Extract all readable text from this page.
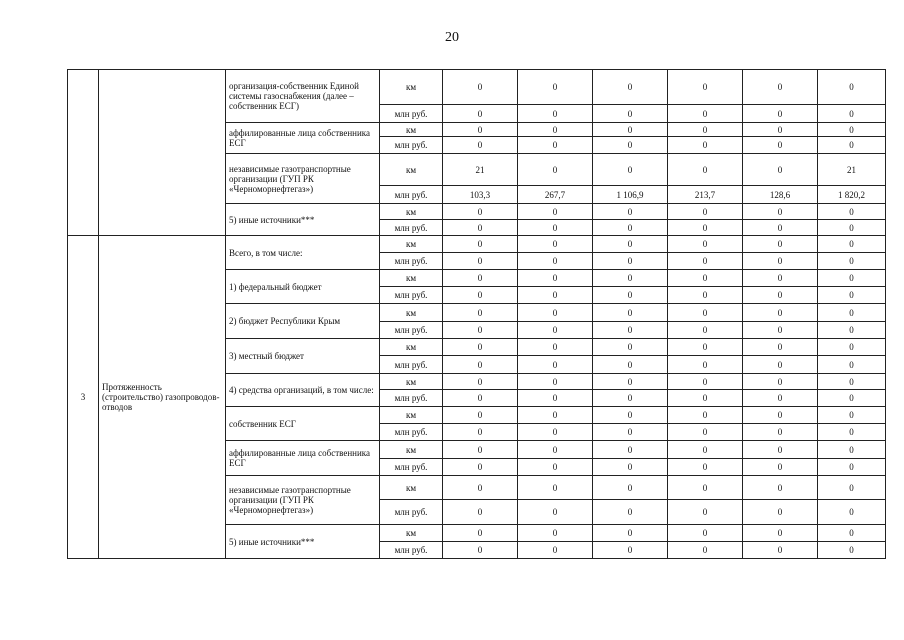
20
		организация-собственник Единой системы газоснабжения (далее – собственник ЕСГ)	км	0	0	0	0	0	0
			млн руб.	0	0	0	0	0	0
		аффилированные лица собственника ЕСГ	км	0	0	0	0	0	0
			млн руб.	0	0	0	0	0	0
		независимые газотранспортные организации (ГУП РК «Черноморнефтегаз»)	км	21	0	0	0	0	21
			млн руб.	103,3	267,7	1 106,9	213,7	128,6	1 820,2
		5) иные источники***	км	0	0	0	0	0	0
			млн руб.	0	0	0	0	0	0
3	Протяженность (строительство) газопроводов-отводов	Всего, в том числе:	км	0	0	0	0	0	0
			млн руб.	0	0	0	0	0	0
		1) федеральный бюджет	км	0	0	0	0	0	0
			млн руб.	0	0	0	0	0	0
		2) бюджет Республики Крым	км	0	0	0	0	0	0
			млн руб.	0	0	0	0	0	0
		3) местный бюджет	км	0	0	0	0	0	0
			млн руб.	0	0	0	0	0	0
		4) средства организаций, в том числе:	км	0	0	0	0	0	0
			млн руб.	0	0	0	0	0	0
		собственник ЕСГ	км	0	0	0	0	0	0
			млн руб.	0	0	0	0	0	0
		аффилированные лица собственника ЕСГ	км	0	0	0	0	0	0
			млн руб.	0	0	0	0	0	0
		независимые газотранспортные организации (ГУП РК «Черноморнефтегаз»)	км	0	0	0	0	0	0
			млн руб.	0	0	0	0	0	0
		5) иные источники***	км	0	0	0	0	0	0
			млн руб.	0	0	0	0	0	0
